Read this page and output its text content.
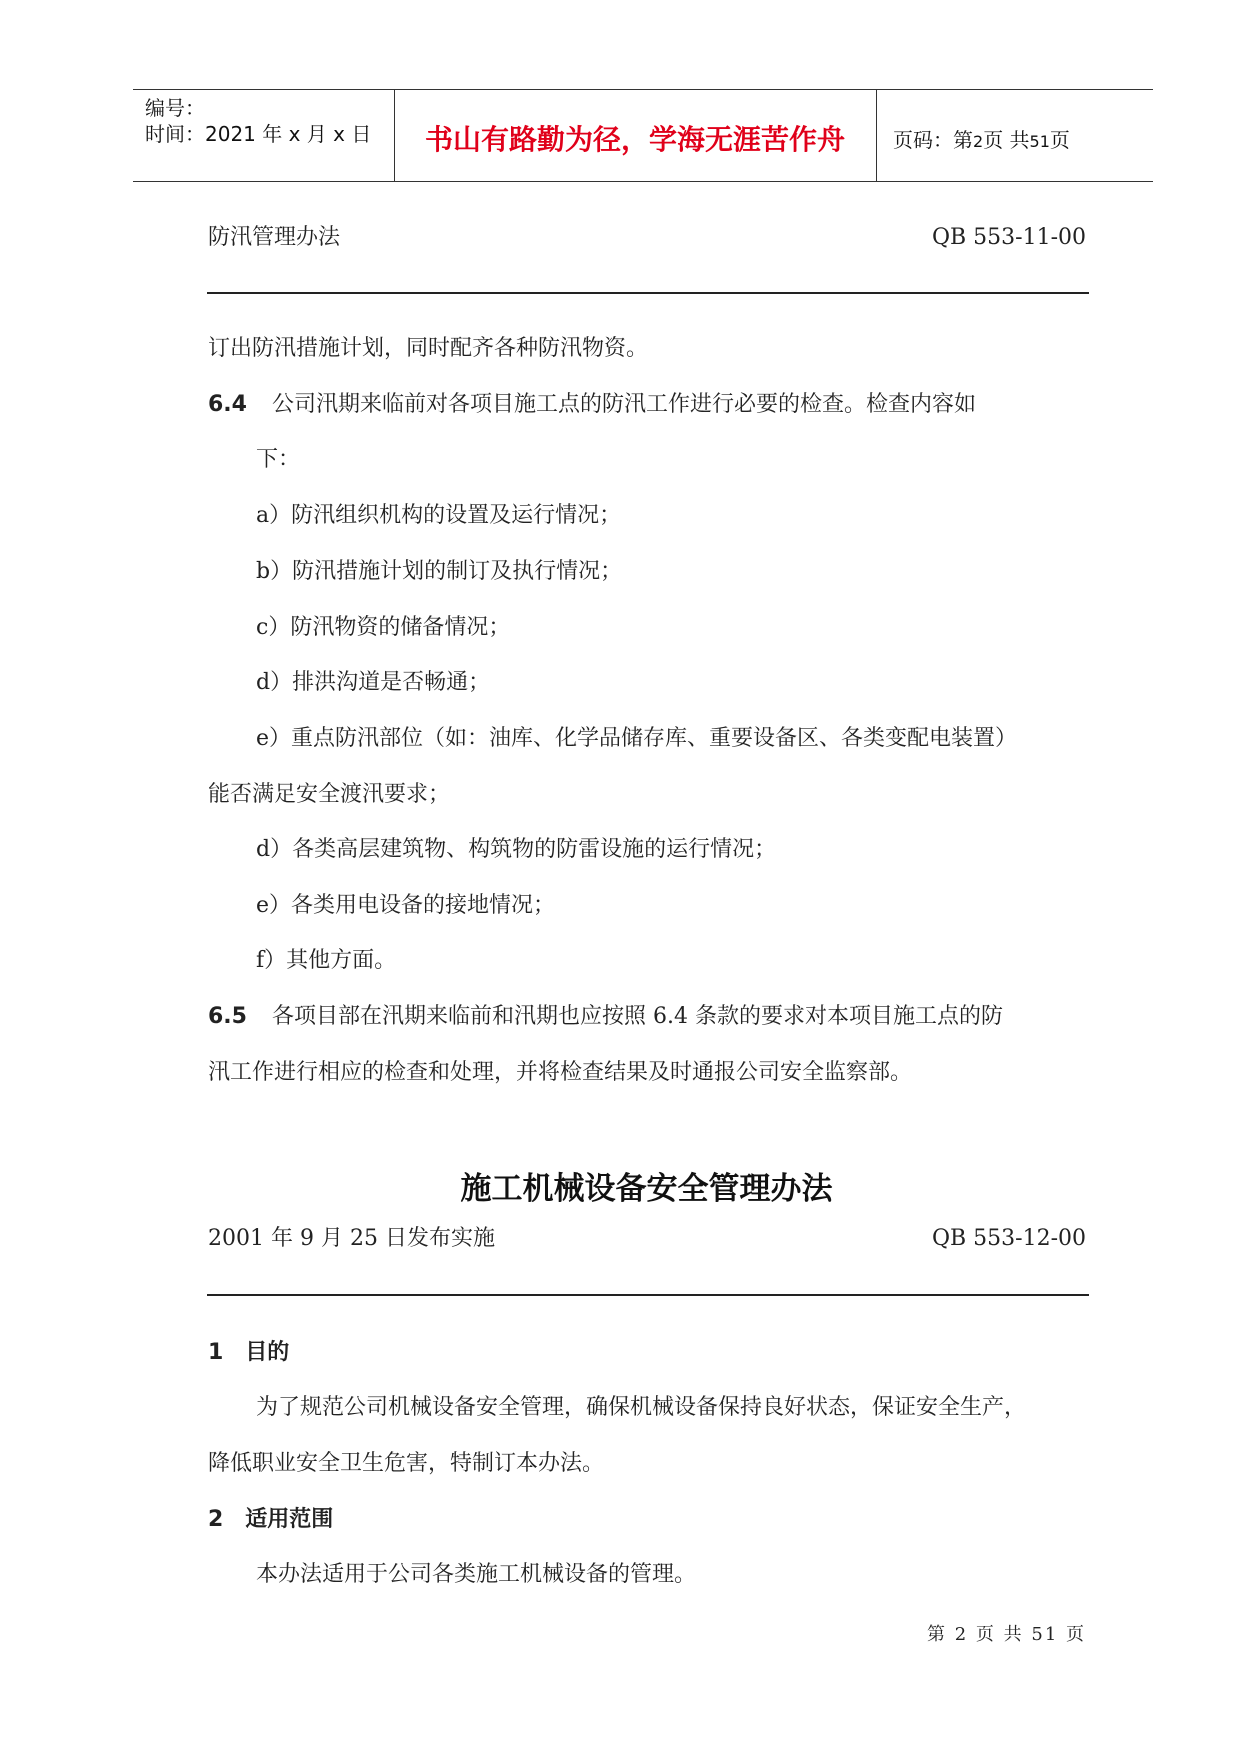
编号：
时间：2021 年 x 月 x 日	书山有路勤为径，学海无涯苦作舟	页码：第2页 共51页
防汛管理办法	QB 553-11-00
订出防汛措施计划，同时配齐各种防汛物资。
6.4 公司汛期来临前对各项目施工点的防汛工作进行必要的检查。检查内容如
下：
a）防汛组织机构的设置及运行情况；
b）防汛措施计划的制订及执行情况；
c）防汛物资的储备情况；
d）排洪沟道是否畅通；
e）重点防汛部位（如：油库、化学品储存库、重要设备区、各类变配电装置）
能否满足安全渡汛要求；
d）各类高层建筑物、构筑物的防雷设施的运行情况；
e）各类用电设备的接地情况；
f）其他方面。
6.5 各项目部在汛期来临前和汛期也应按照 6.4 条款的要求对本项目施工点的防
汛工作进行相应的检查和处理，并将检查结果及时通报公司安全监察部。
施工机械设备安全管理办法
2001 年 9 月 25 日发布实施	QB 553-12-00
1　目的
为了规范公司机械设备安全管理，确保机械设备保持良好状态，保证安全生产，
降低职业安全卫生危害，特制订本办法。
2　适用范围
本办法适用于公司各类施工机械设备的管理。
第 2 页 共 51 页
